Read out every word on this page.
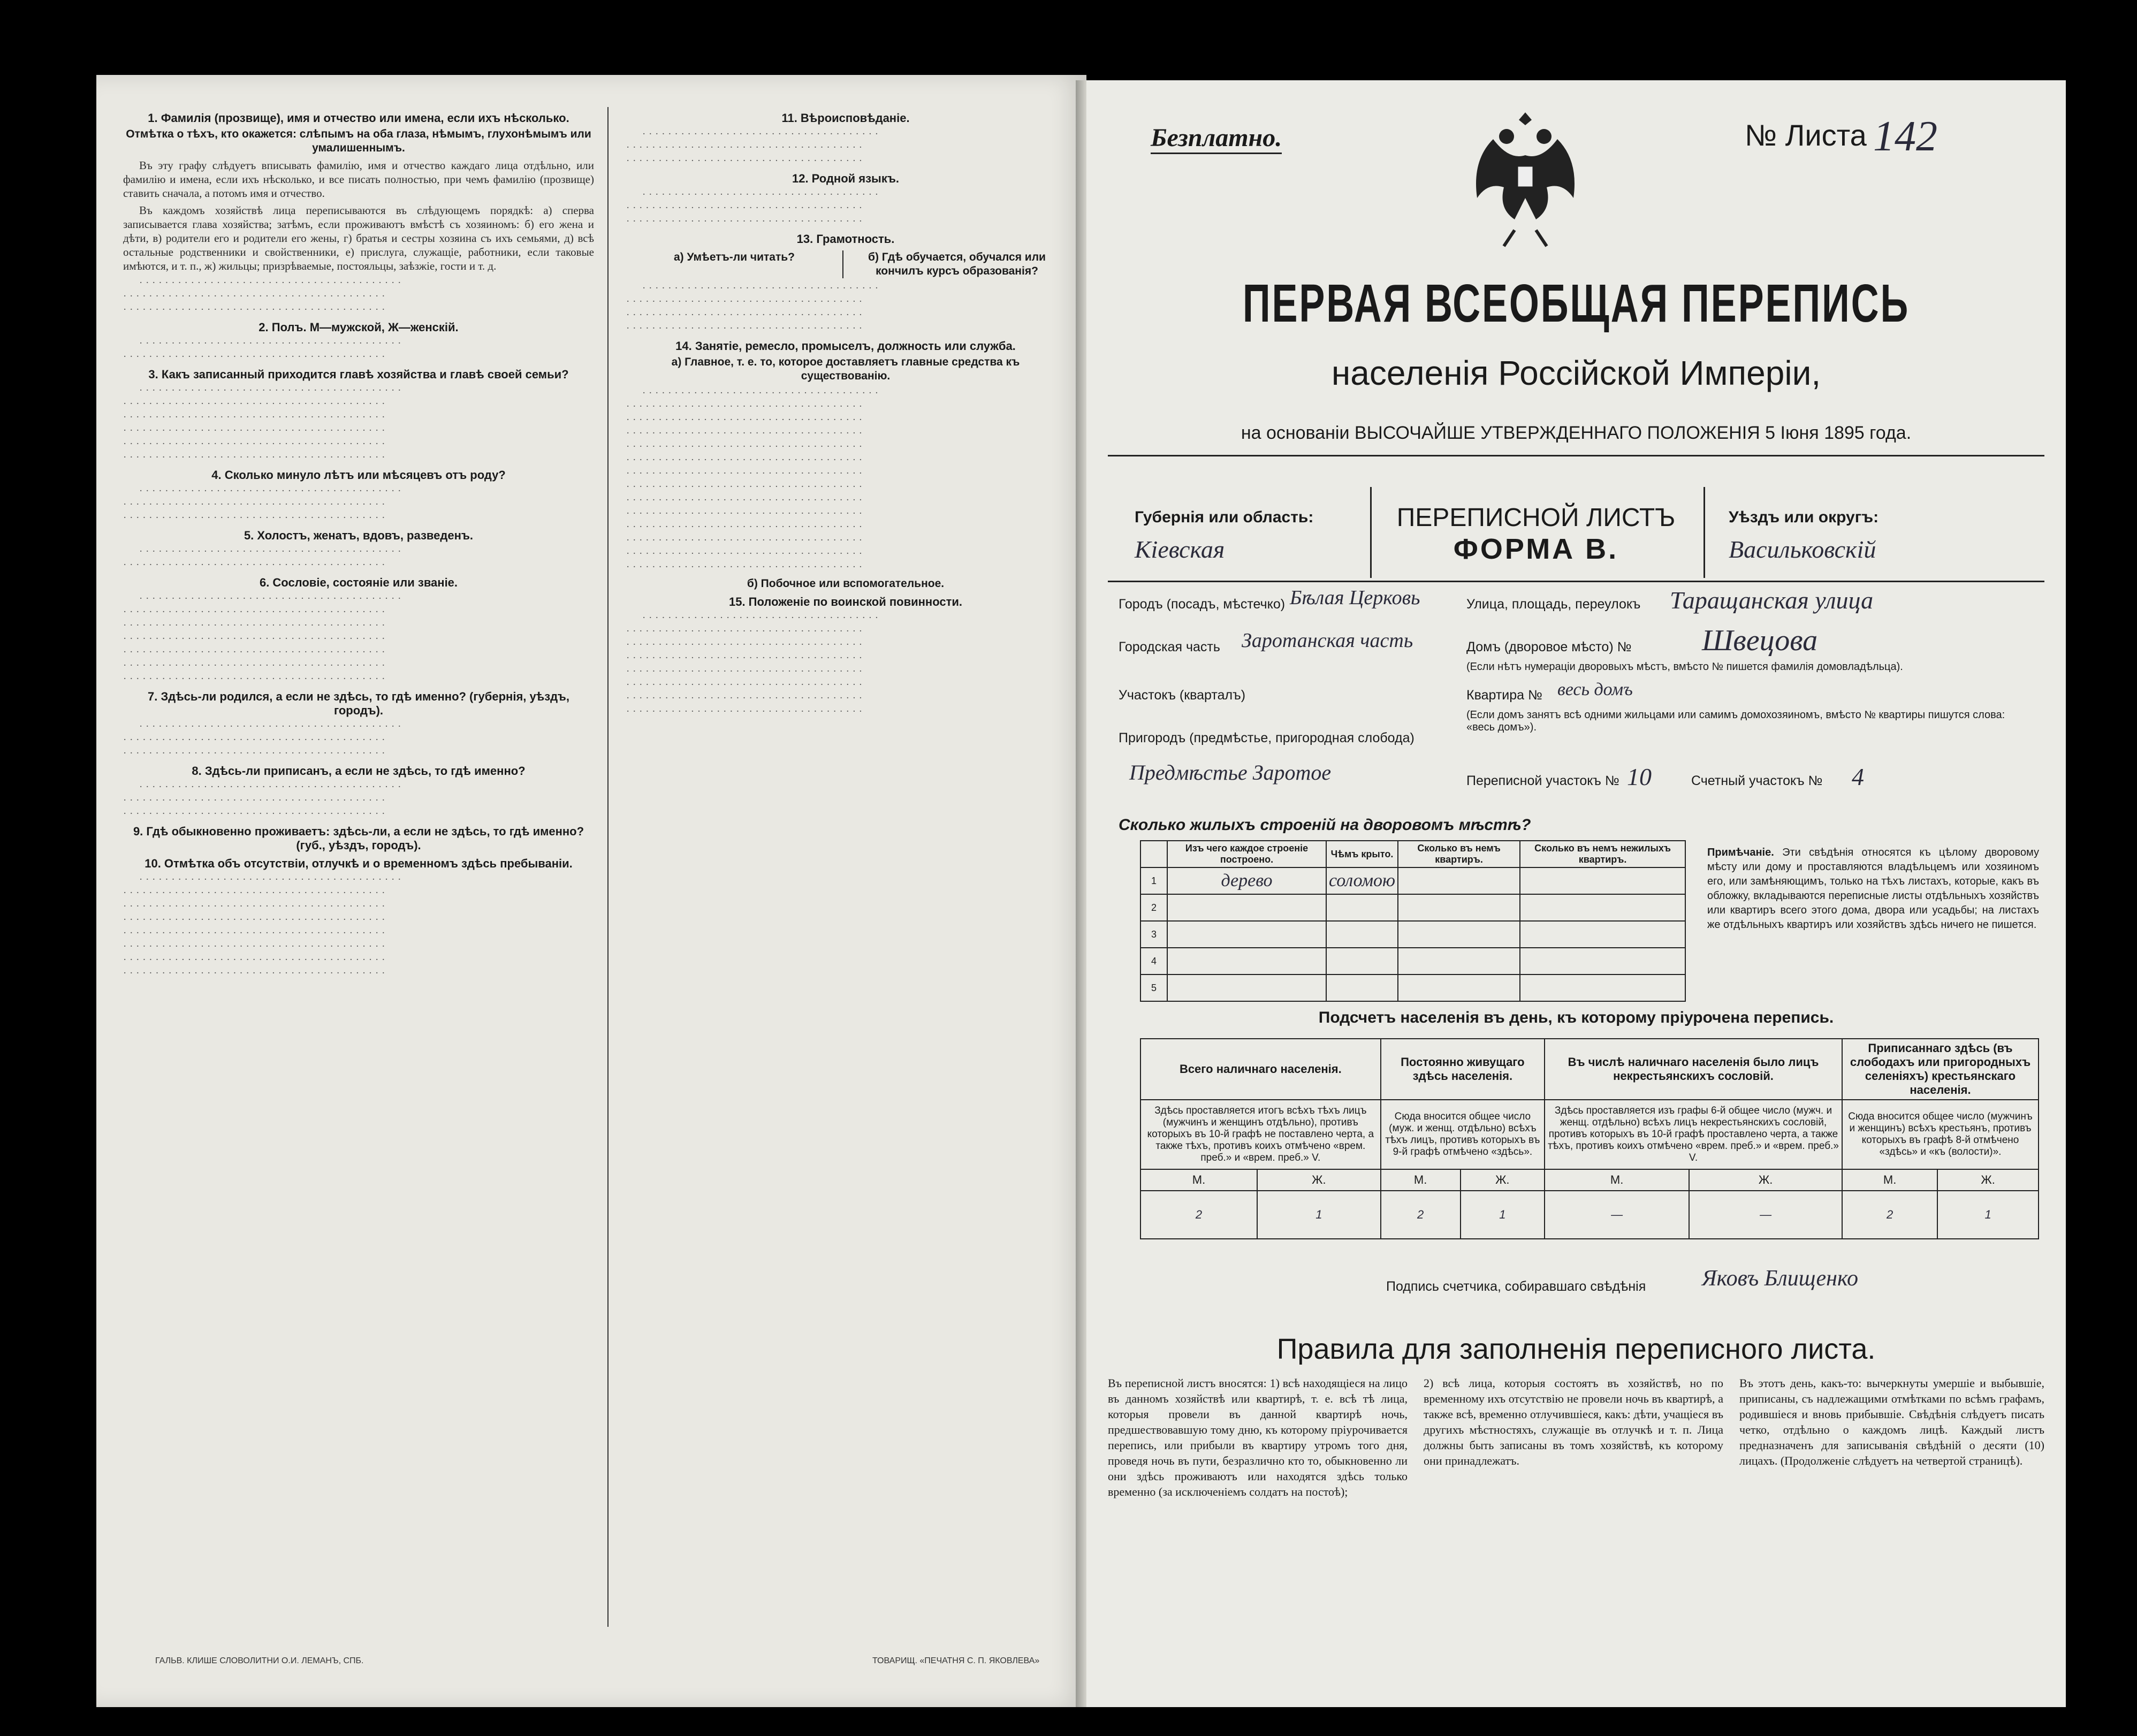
1. Фамилія (прозвище), имя и отчество или имена, если ихъ нѣсколько.
Отмѣтка о тѣхъ, кто окажется: слѣпымъ на оба глаза, нѣмымъ, глухонѣмымъ или умалишеннымъ.

Въ эту графу слѣдуетъ вписывать фамилію, имя и отчество каждаго лица отдѣльно, или фамилію и имена, если ихъ нѣсколько, и все писать полностью, при чемъ фамилію (прозвище) ставить сначала, а потомъ имя и отчество.

Въ каждомъ хозяйствѣ лица переписываются въ слѣдующемъ порядкѣ: а) сперва записывается глава хозяйства; затѣмъ, если проживаютъ вмѣстѣ съ хозяиномъ: б) его жена и дѣти, в) родители его и родители его жены, г) братья и сестры хозяина съ ихъ семьями, д) всѣ остальные родственники и свойственники, е) прислуга, служащіе, работники, если таковые имѣются, и т. п., ж) жильцы; призрѣваемые, постояльцы, заѣзжіе, гости и т. д.

· · · · · · · · · · · · · · · · · · · · · · · · · · · · · · · · · · · · · · · · ·
· · · · · · · · · · · · · · · · · · · · · · · · · · · · · · · · · · · · · · · · ·
· · · · · · · · · · · · · · · · · · · · · · · · · · · · · · · · · · · · · · · · ·

2. Полъ. М—мужской, Ж—женскій.

· · · · · · · · · · · · · · · · · · · · · · · · · · · · · · · · · · · · · · · · ·
· · · · · · · · · · · · · · · · · · · · · · · · · · · · · · · · · · · · · · · · ·

3. Какъ записанный приходится главѣ хозяйства и главѣ своей семьи?

· · · · · · · · · · · · · · · · · · · · · · · · · · · · · · · · · · · · · · · · ·
· · · · · · · · · · · · · · · · · · · · · · · · · · · · · · · · · · · · · · · · ·
· · · · · · · · · · · · · · · · · · · · · · · · · · · · · · · · · · · · · · · · ·
· · · · · · · · · · · · · · · · · · · · · · · · · · · · · · · · · · · · · · · · ·
· · · · · · · · · · · · · · · · · · · · · · · · · · · · · · · · · · · · · · · · ·
· · · · · · · · · · · · · · · · · · · · · · · · · · · · · · · · · · · · · · · · ·

4. Сколько минуло лѣтъ или мѣсяцевъ отъ роду?

· · · · · · · · · · · · · · · · · · · · · · · · · · · · · · · · · · · · · · · · ·
· · · · · · · · · · · · · · · · · · · · · · · · · · · · · · · · · · · · · · · · ·
· · · · · · · · · · · · · · · · · · · · · · · · · · · · · · · · · · · · · · · · ·

5. Холостъ, женатъ, вдовъ, разведенъ.

· · · · · · · · · · · · · · · · · · · · · · · · · · · · · · · · · · · · · · · · ·
· · · · · · · · · · · · · · · · · · · · · · · · · · · · · · · · · · · · · · · · ·

6. Сословіе, состояніе или званіе.

· · · · · · · · · · · · · · · · · · · · · · · · · · · · · · · · · · · · · · · · ·
· · · · · · · · · · · · · · · · · · · · · · · · · · · · · · · · · · · · · · · · ·
· · · · · · · · · · · · · · · · · · · · · · · · · · · · · · · · · · · · · · · · ·
· · · · · · · · · · · · · · · · · · · · · · · · · · · · · · · · · · · · · · · · ·
· · · · · · · · · · · · · · · · · · · · · · · · · · · · · · · · · · · · · · · · ·
· · · · · · · · · · · · · · · · · · · · · · · · · · · · · · · · · · · · · · · · ·
· · · · · · · · · · · · · · · · · · · · · · · · · · · · · · · · · · · · · · · · ·

7. Здѣсь-ли родился, а если не здѣсь, то гдѣ именно? (губернія, уѣздъ, городъ).

· · · · · · · · · · · · · · · · · · · · · · · · · · · · · · · · · · · · · · · · ·
· · · · · · · · · · · · · · · · · · · · · · · · · · · · · · · · · · · · · · · · ·
· · · · · · · · · · · · · · · · · · · · · · · · · · · · · · · · · · · · · · · · ·

8. Здѣсь-ли приписанъ, а если не здѣсь, то гдѣ именно?

· · · · · · · · · · · · · · · · · · · · · · · · · · · · · · · · · · · · · · · · ·
· · · · · · · · · · · · · · · · · · · · · · · · · · · · · · · · · · · · · · · · ·
· · · · · · · · · · · · · · · · · · · · · · · · · · · · · · · · · · · · · · · · ·

9. Гдѣ обыкновенно проживаетъ: здѣсь-ли, а если не здѣсь, то гдѣ именно? (губ., уѣздъ, городъ).
10. Отмѣтка объ отсутствіи, отлучкѣ и о временномъ здѣсь пребываніи.

· · · · · · · · · · · · · · · · · · · · · · · · · · · · · · · · · · · · · · · · ·
· · · · · · · · · · · · · · · · · · · · · · · · · · · · · · · · · · · · · · · · ·
· · · · · · · · · · · · · · · · · · · · · · · · · · · · · · · · · · · · · · · · ·
· · · · · · · · · · · · · · · · · · · · · · · · · · · · · · · · · · · · · · · · ·
· · · · · · · · · · · · · · · · · · · · · · · · · · · · · · · · · · · · · · · · ·
· · · · · · · · · · · · · · · · · · · · · · · · · · · · · · · · · · · · · · · · ·
· · · · · · · · · · · · · · · · · · · · · · · · · · · · · · · · · · · · · · · · ·
· · · · · · · · · · · · · · · · · · · · · · · · · · · · · · · · · · · · · · · · ·

11. Вѣроисповѣданіе.

· · · · · · · · · · · · · · · · · · · · · · · · · · · · · · · · · · · · ·
· · · · · · · · · · · · · · · · · · · · · · · · · · · · · · · · · · · · ·
· · · · · · · · · · · · · · · · · · · · · · · · · · · · · · · · · · · · ·

12. Родной языкъ.

· · · · · · · · · · · · · · · · · · · · · · · · · · · · · · · · · · · · ·
· · · · · · · · · · · · · · · · · · · · · · · · · · · · · · · · · · · · ·
· · · · · · · · · · · · · · · · · · · · · · · · · · · · · · · · · · · · ·

13. Грамотность.
а) Умѣетъ-ли читать?	б) Гдѣ обучается, обучался или кончилъ курсъ образованія?

· · · · · · · · · · · · · · · · · · · · · · · · · · · · · · · · · · · · ·
· · · · · · · · · · · · · · · · · · · · · · · · · · · · · · · · · · · · ·
· · · · · · · · · · · · · · · · · · · · · · · · · · · · · · · · · · · · ·
· · · · · · · · · · · · · · · · · · · · · · · · · · · · · · · · · · · · ·

14. Занятіе, ремесло, промыселъ, должность или служба.
а) Главное, т. е. то, которое доставляетъ главные средства къ существованію.

· · · · · · · · · · · · · · · · · · · · · · · · · · · · · · · · · · · · ·
· · · · · · · · · · · · · · · · · · · · · · · · · · · · · · · · · · · · ·
· · · · · · · · · · · · · · · · · · · · · · · · · · · · · · · · · · · · ·
· · · · · · · · · · · · · · · · · · · · · · · · · · · · · · · · · · · · ·
· · · · · · · · · · · · · · · · · · · · · · · · · · · · · · · · · · · · ·
· · · · · · · · · · · · · · · · · · · · · · · · · · · · · · · · · · · · ·
· · · · · · · · · · · · · · · · · · · · · · · · · · · · · · · · · · · · ·
· · · · · · · · · · · · · · · · · · · · · · · · · · · · · · · · · · · · ·
· · · · · · · · · · · · · · · · · · · · · · · · · · · · · · · · · · · · ·
· · · · · · · · · · · · · · · · · · · · · · · · · · · · · · · · · · · · ·
· · · · · · · · · · · · · · · · · · · · · · · · · · · · · · · · · · · · ·
· · · · · · · · · · · · · · · · · · · · · · · · · · · · · · · · · · · · ·
· · · · · · · · · · · · · · · · · · · · · · · · · · · · · · · · · · · · ·
· · · · · · · · · · · · · · · · · · · · · · · · · · · · · · · · · · · · ·

б) Побочное или вспомогательное.
15. Положеніе по воинской повинности.

· · · · · · · · · · · · · · · · · · · · · · · · · · · · · · · · · · · · ·
· · · · · · · · · · · · · · · · · · · · · · · · · · · · · · · · · · · · ·
· · · · · · · · · · · · · · · · · · · · · · · · · · · · · · · · · · · · ·
· · · · · · · · · · · · · · · · · · · · · · · · · · · · · · · · · · · · ·
· · · · · · · · · · · · · · · · · · · · · · · · · · · · · · · · · · · · ·
· · · · · · · · · · · · · · · · · · · · · · · · · · · · · · · · · · · · ·
· · · · · · · · · · · · · · · · · · · · · · · · · · · · · · · · · · · · ·
· · · · · · · · · · · · · · · · · · · · · · · · · · · · · · · · · · · · ·

ГАЛЬВ. КЛИШЕ СЛОВОЛИТНИ О.И. ЛЕМАНЪ, СПБ.	ТОВАРИЩ. «ПЕЧАТНЯ С. П. ЯКОВЛЕВА»
Безплатно.	№ Листа 142
ПЕРВАЯ ВСЕОБЩАЯ ПЕРЕПИСЬ
населенія Россійской Имперіи,
на основаніи ВЫСОЧАЙШЕ УТВЕРЖДЕННАГО ПОЛОЖЕНІЯ 5 Іюня 1895 года.
Губернія или область:
Кіевская
ПЕРЕПИСНОЙ ЛИСТЪ
ФОРМА В.
Уѣздъ или округъ:
Васильковскій
Городъ (посадъ, мѣстечко) Бѣлая Церковь	Улица, площадь, переулокъ Таращанская улица
Городская часть Заротанская часть	Домъ (дворовое мѣсто) № Швецова
(Если нѣтъ нумераціи дворовыхъ мѣстъ, вмѣсто № пишется фамилія домовладѣльца).
Участокъ (кварталъ)	Квартира № весь домъ
(Если домъ занятъ всѣ одними жильцами или самимъ домохозяиномъ, вмѣсто № квартиры пишутся слова: «весь домъ»).
Пригородъ (предмѣстье, пригородная слобода)
Предмѣстье Заротое	Переписной участокъ № 10	Счетный участокъ № 4
Сколько жилыхъ строеній на дворовомъ мѣстѣ?
	Изъ чего каждое строеніе построено.	Чѣмъ крыто.	Сколько въ немъ квартиръ.	Сколько въ немъ нежилыхъ квартиръ.
1	дерево	соломою		
2				
3				
4				
5				
Примѣчаніе. Эти свѣдѣнія относятся къ цѣлому дворовому мѣсту или дому и проставляются владѣльцемъ или хозяиномъ его, или замѣняющимъ, только на тѣхъ листахъ, которые, какъ въ обложку, вкладываются переписные листы отдѣльныхъ хозяйствъ или квартиръ всего этого дома, двора или усадьбы; на листахъ же отдѣльныхъ квартиръ или хозяйствъ здѣсь ничего не пишется.
Подсчетъ населенія въ день, къ которому пріурочена перепись.
Всего наличнаго населенія.		Постоянно живущаго здѣсь населенія.		Въ числѣ наличнаго населенія было лицъ некрестьянскихъ сословій.		Приписаннаго здѣсь (въ слободахъ или пригородныхъ селеніяхъ) крестьянскаго населенія.	
Здѣсь проставляется итогъ всѣхъ тѣхъ лицъ (мужчинъ и женщинъ отдѣльно), противъ которыхъ въ 10-й графѣ не поставлено черта, а также тѣхъ, противъ коихъ отмѣчено «врем. преб.» и «врем. преб.» V.		Сюда вносится общее число (муж. и женщ. отдѣльно) всѣхъ тѣхъ лицъ, противъ которыхъ въ 9-й графѣ отмѣчено «здѣсь».		Здѣсь проставляется изъ графы 6-й общее число (мужч. и женщ. отдѣльно) всѣхъ лицъ некрестьянскихъ сословій, противъ которыхъ въ 10-й графѣ проставлено черта, а также тѣхъ, противъ коихъ отмѣчено «врем. преб.» и «врем. преб.» V.		Сюда вносится общее число (мужчинъ и женщинъ) всѣхъ крестьянъ, противъ которыхъ въ графѣ 8-й отмѣчено «здѣсь» и «къ (волости)».	
М.	Ж.	М.	Ж.	М.	Ж.	М.	Ж.
2	1	2	1	—	—	2	1
Подпись счетчика, собиравшаго свѣдѣнія Яковъ Блищенко
Правила для заполненія переписного листа.
Въ переписной листъ вносятся: 1) всѣ находящіеся на лицо въ данномъ хозяйствѣ или квартирѣ, т. е. всѣ тѣ лица, которыя провели въ данной квартирѣ ночь, предшествовавшую тому дню, къ которому пріурочивается перепись, или прибыли въ квартиру утромъ того дня, проведя ночь въ пути, безразлично кто то, обыкновенно ли они здѣсь проживаютъ или находятся здѣсь только временно (за исключеніемъ солдатъ на постоѣ);
2) всѣ лица, которыя состоятъ въ хозяйствѣ, но по временному ихъ отсутствію не провели ночь въ квартирѣ, а также всѣ, временно отлучившіеся, какъ: дѣти, учащіеся въ другихъ мѣстностяхъ, служащіе въ отлучкѣ и т. п. Лица должны быть записаны въ томъ хозяйствѣ, къ которому они принадлежатъ.
Въ этотъ день, какъ-то: вычеркнуты умершіе и выбывшіе, приписаны, съ надлежащими отмѣтками по всѣмъ графамъ, родившіеся и вновь прибывшіе. Свѣдѣнія слѣдуетъ писать четко, отдѣльно о каждомъ лицѣ. Каждый листъ предназначенъ для записыванія свѣдѣній о десяти (10) лицахъ. (Продолженіе слѣдуетъ на четвертой страницѣ).
